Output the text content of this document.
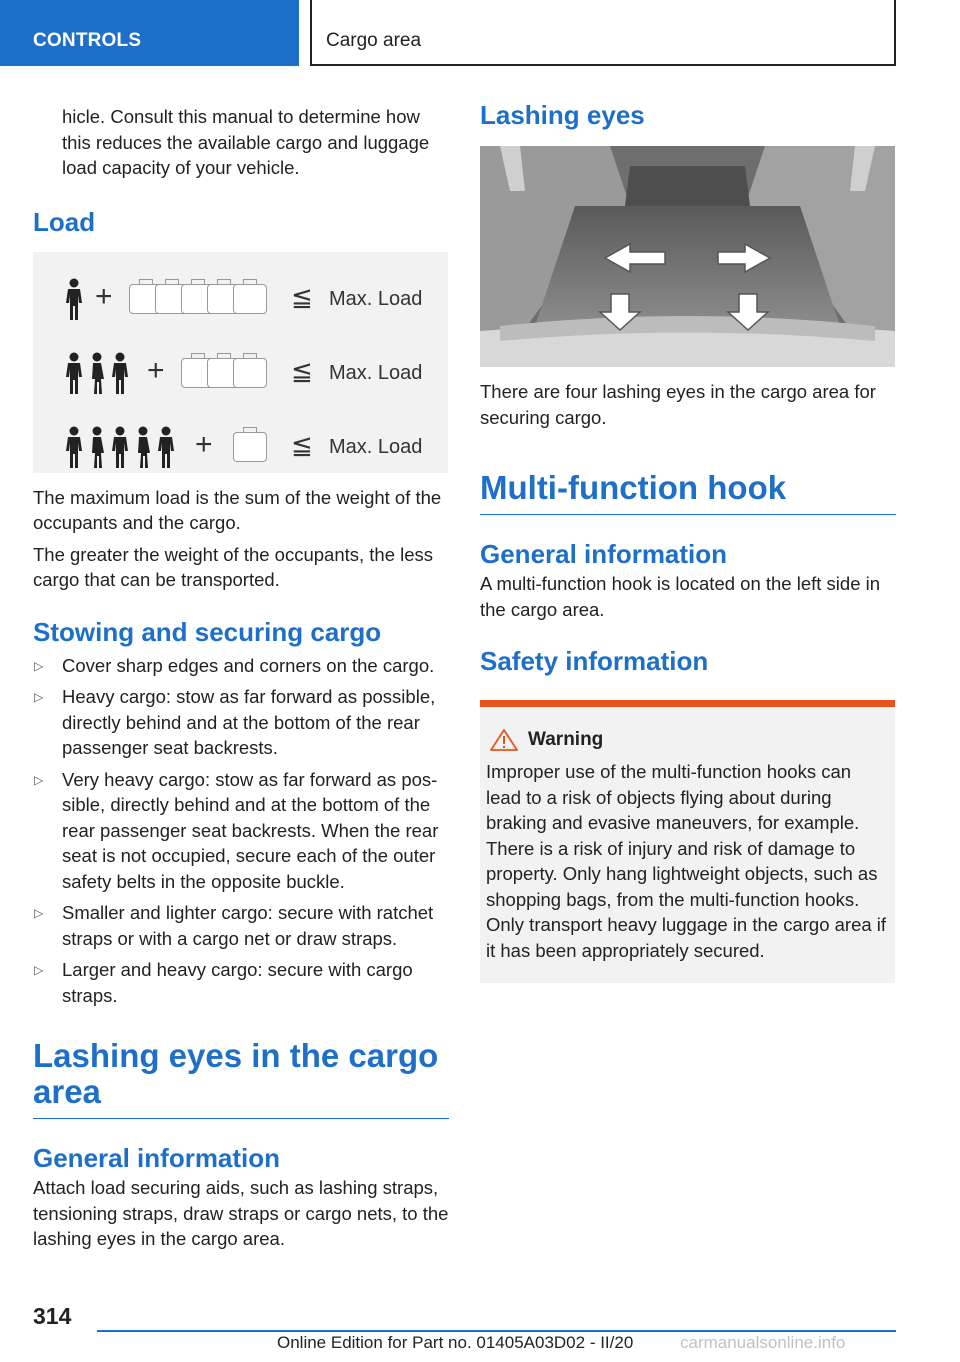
CONTROLS	Cargo area

hicle. Consult this manual to determine how this reduces the available cargo and luggage load capacity of your vehicle.

Load
+	≦ Max. Load
+	≦ Max. Load
+	≦ Max. Load

The maximum load is the sum of the weight of the occupants and the cargo.

The greater the weight of the occupants, the less cargo that can be transported.

Stowing and securing cargo
▷ Cover sharp edges and corners on the cargo.
▷ Heavy cargo: stow as far forward as possible, directly behind and at the bottom of the rear passenger seat backrests.
▷ Very heavy cargo: stow as far forward as possible, directly behind and at the bottom of the rear passenger seat backrests. When the rear seat is not occupied, secure each of the outer safety belts in the opposite buckle.
▷ Smaller and lighter cargo: secure with ratchet straps or with a cargo net or draw straps.
▷ Larger and heavy cargo: secure with cargo straps.
Lashing eyes in the cargo area
General information

Attach load securing aids, such as lashing straps, tensioning straps, draw straps or cargo nets, to the lashing eyes in the cargo area.

Lashing eyes

There are four lashing eyes in the cargo area for securing cargo.

Multi-function hook
General information

A multi-function hook is located on the left side in the cargo area.

Safety information
Warning

Improper use of the multi-function hooks can lead to a risk of objects flying about during braking and evasive maneuvers, for example. There is a risk of injury and risk of damage to property. Only hang lightweight objects, such as shopping bags, from the multi-function hooks. Only transport heavy luggage in the cargo area if it has been appropriately secured.

314
Online Edition for Part no. 01405A03D02 - II/20	carmanualsonline.info
